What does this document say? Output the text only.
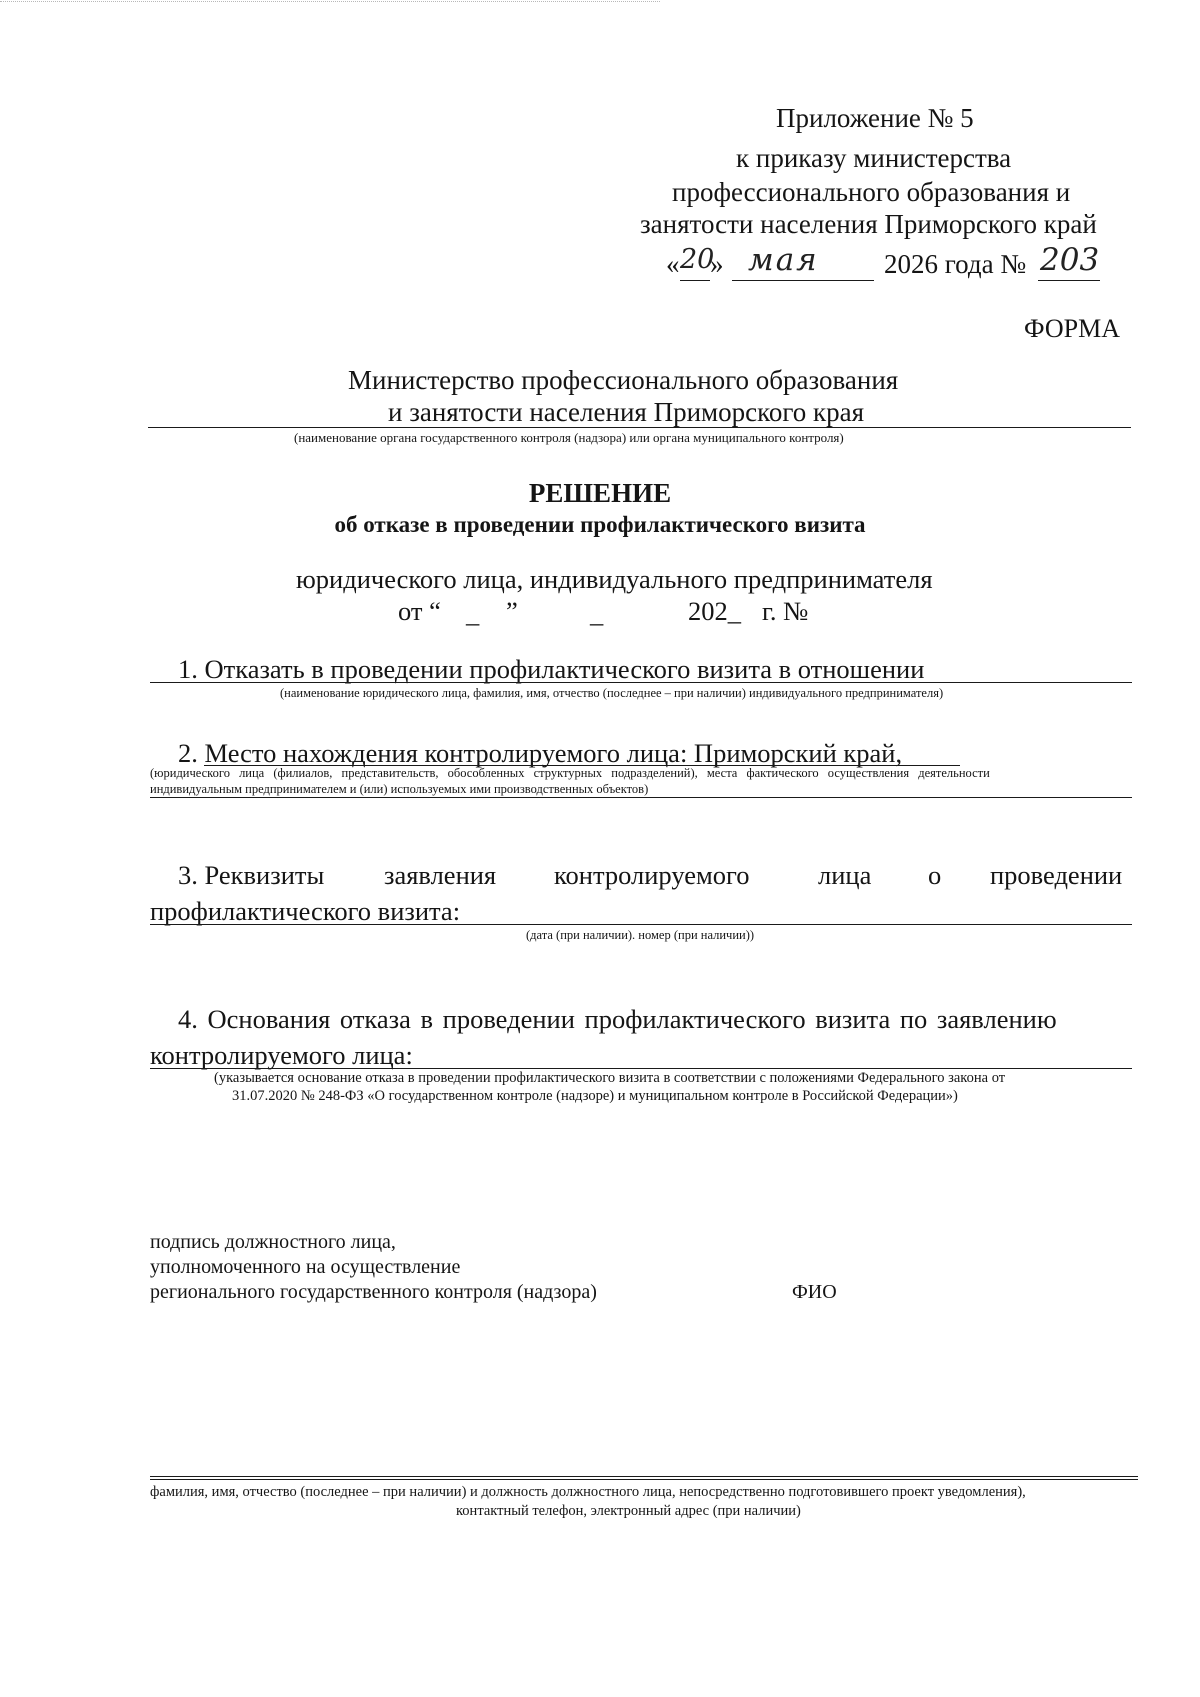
Приложение № 5
к приказу министерства
профессионального образования и
занятости населения Приморского край
« 20
» мая 2026 года № 203
ФОРМА
Министерство профессионального образования
и занятости населения Приморского края
(наименование органа государственного контроля (надзора) или органа муниципального контроля)
РЕШЕНИЕ
об отказе в проведении профилактического визита
юридического лица, индивидуального предпринимателя
от “ _ ”	_	202_ г. №
1. Отказать в проведении профилактического визита в отношении
(наименование юридического лица, фамилия, имя, отчество (последнее – при наличии) индивидуального предпринимателя)
2. Место нахождения контролируемого лица: Приморский край,
(юридического лица (филиалов, представительств, обособленных структурных подразделений), места фактического осуществления деятельности
индивидуальным предпринимателем и (или) используемых ими производственных объектов)
3. Реквизиты заявления контролируемого	лица о проведении
профилактического визита:
(дата (при наличии). номер (при наличии))
4. Основания отказа в проведении профилактического визита по заявлению
контролируемого лица:
(указывается основание отказа в проведении профилактического визита в соответствии с положениями Федерального закона от
31.07.2020 № 248-ФЗ «О государственном контроле (надзоре) и муниципальном контроле в Российской Федерации»)
подпись должностного лица,
уполномоченного на осуществление
регионального государственного контроля (надзора)	ФИО
фамилия, имя, отчество (последнее – при наличии) и должность должностного лица, непосредственно подготовившего проект уведомления),
контактный телефон, электронный адрес (при наличии)
